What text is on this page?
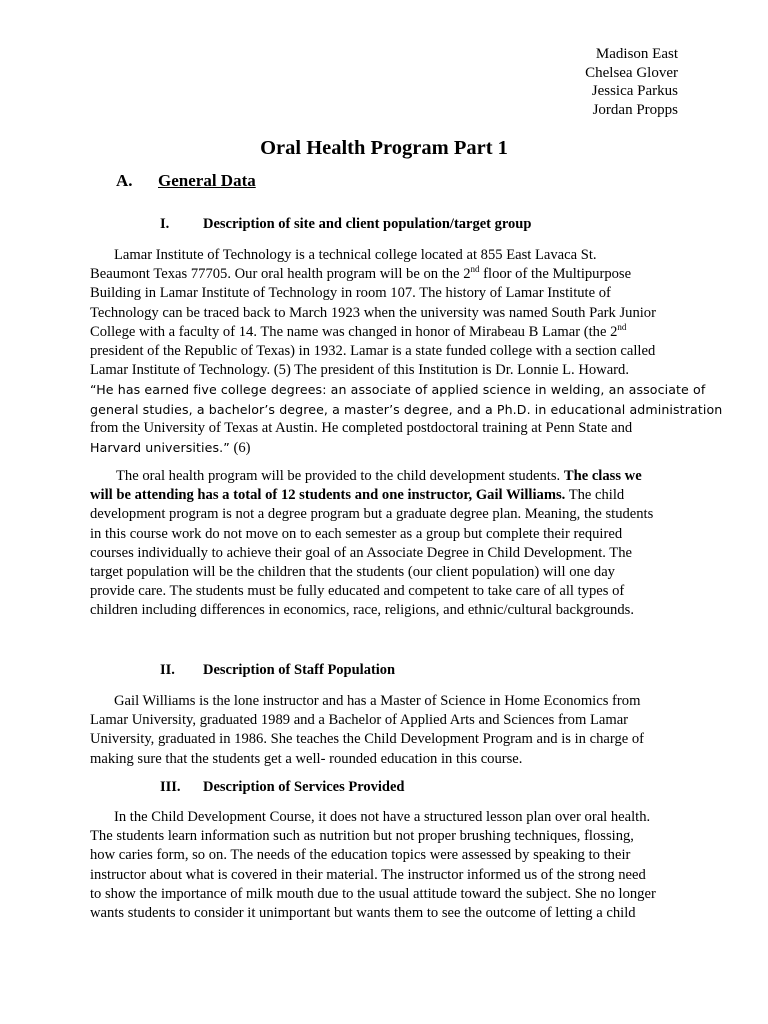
Madison East
Chelsea Glover
Jessica Parkus
Jordan Propps
Oral Health Program Part 1
A. General Data
I. Description of site and client population/target group
Lamar Institute of Technology is a technical college located at 855 East Lavaca St.
Beaumont Texas 77705. Our oral health program will be on the 2nd floor of the Multipurpose
Building in Lamar Institute of Technology in room 107. The history of Lamar Institute of
Technology can be traced back to March 1923 when the university was named South Park Junior
College with a faculty of 14. The name was changed in honor of Mirabeau B Lamar (the 2nd
president of the Republic of Texas) in 1932. Lamar is a state funded college with a section called
Lamar Institute of Technology. (5) The president of this Institution is Dr. Lonnie L. Howard.
“He has earned five college degrees: an associate of applied science in welding, an associate of
general studies, a bachelor’s degree, a master’s degree, and a Ph.D. in educational administration
from the University of Texas at Austin. He completed postdoctoral training at Penn State and
Harvard universities.” (6)
The oral health program will be provided to the child development students. The class we
will be attending has a total of 12 students and one instructor, Gail Williams. The child
development program is not a degree program but a graduate degree plan. Meaning, the students
in this course work do not move on to each semester as a group but complete their required
courses individually to achieve their goal of an Associate Degree in Child Development. The
target population will be the children that the students (our client population) will one day
provide care. The students must be fully educated and competent to take care of all types of
children including differences in economics, race, religions, and ethnic/cultural backgrounds.
II. Description of Staff Population
Gail Williams is the lone instructor and has a Master of Science in Home Economics from
Lamar University, graduated 1989 and a Bachelor of Applied Arts and Sciences from Lamar
University, graduated in 1986. She teaches the Child Development Program and is in charge of
making sure that the students get a well- rounded education in this course.
III. Description of Services Provided
In the Child Development Course, it does not have a structured lesson plan over oral health.
The students learn information such as nutrition but not proper brushing techniques, flossing,
how caries form, so on. The needs of the education topics were assessed by speaking to their
instructor about what is covered in their material. The instructor informed us of the strong need
to show the importance of milk mouth due to the usual attitude toward the subject. She no longer
wants students to consider it unimportant but wants them to see the outcome of letting a child
